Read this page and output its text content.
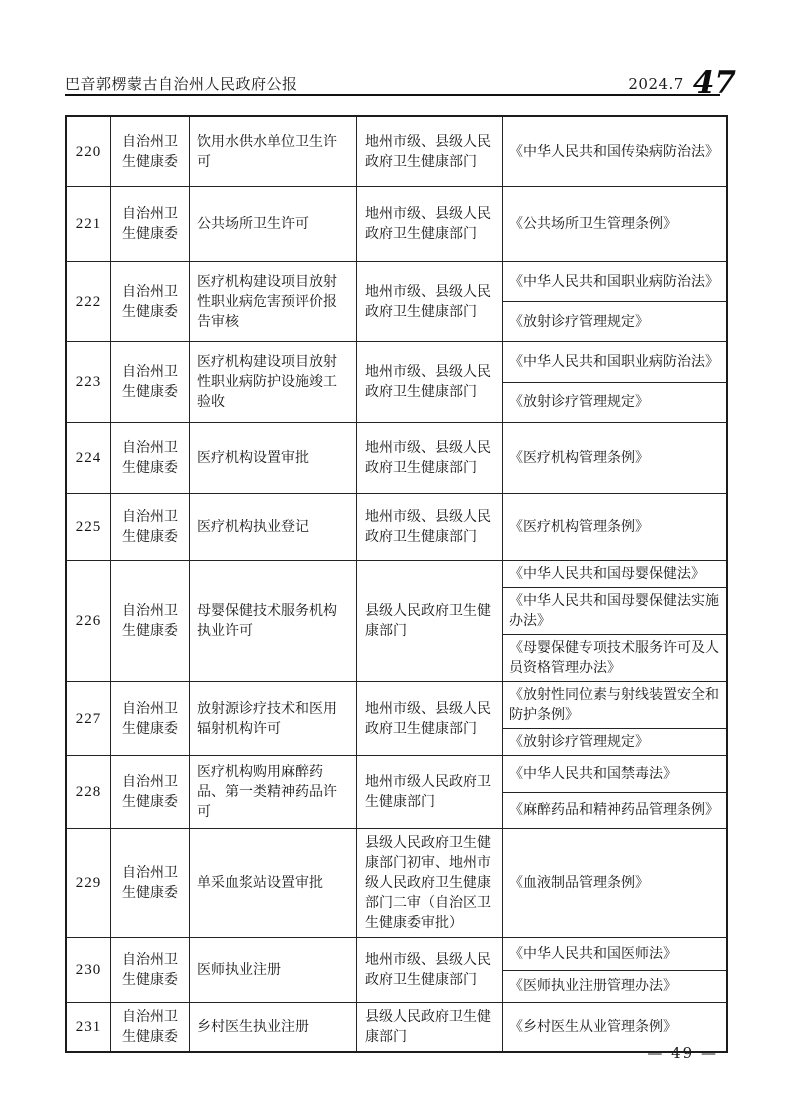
巴音郭楞蒙古自治州人民政府公报	2024.7 47
220
自治州卫生健康委
饮用水供水单位卫生许可
地州市级、县级人民政府卫生健康部门
《中华人民共和国传染病防治法》
221
自治州卫生健康委
公共场所卫生许可
地州市级、县级人民政府卫生健康部门
《公共场所卫生管理条例》
222
自治州卫生健康委
医疗机构建设项目放射性职业病危害预评价报告审核
地州市级、县级人民政府卫生健康部门
《中华人民共和国职业病防治法》
《放射诊疗管理规定》
223
自治州卫生健康委
医疗机构建设项目放射性职业病防护设施竣工验收
地州市级、县级人民政府卫生健康部门
《中华人民共和国职业病防治法》
《放射诊疗管理规定》
224
自治州卫生健康委
医疗机构设置审批
地州市级、县级人民政府卫生健康部门
《医疗机构管理条例》
225
自治州卫生健康委
医疗机构执业登记
地州市级、县级人民政府卫生健康部门
《医疗机构管理条例》
226
自治州卫生健康委
母婴保健技术服务机构执业许可
县级人民政府卫生健康部门
《中华人民共和国母婴保健法》
《中华人民共和国母婴保健法实施办法》
《母婴保健专项技术服务许可及人员资格管理办法》
227
自治州卫生健康委
放射源诊疗技术和医用辐射机构许可
地州市级、县级人民政府卫生健康部门
《放射性同位素与射线装置安全和防护条例》
《放射诊疗管理规定》
228
自治州卫生健康委
医疗机构购用麻醉药品、第一类精神药品许可
地州市级人民政府卫生健康部门
《中华人民共和国禁毒法》
《麻醉药品和精神药品管理条例》
229
自治州卫生健康委
单采血浆站设置审批
县级人民政府卫生健康部门初审、地州市级人民政府卫生健康部门二审（自治区卫生健康委审批）
《血液制品管理条例》
230
自治州卫生健康委
医师执业注册
地州市级、县级人民政府卫生健康部门
《中华人民共和国医师法》
《医师执业注册管理办法》
231
自治州卫生健康委
乡村医生执业注册
县级人民政府卫生健康部门
《乡村医生从业管理条例》
— 49 —
